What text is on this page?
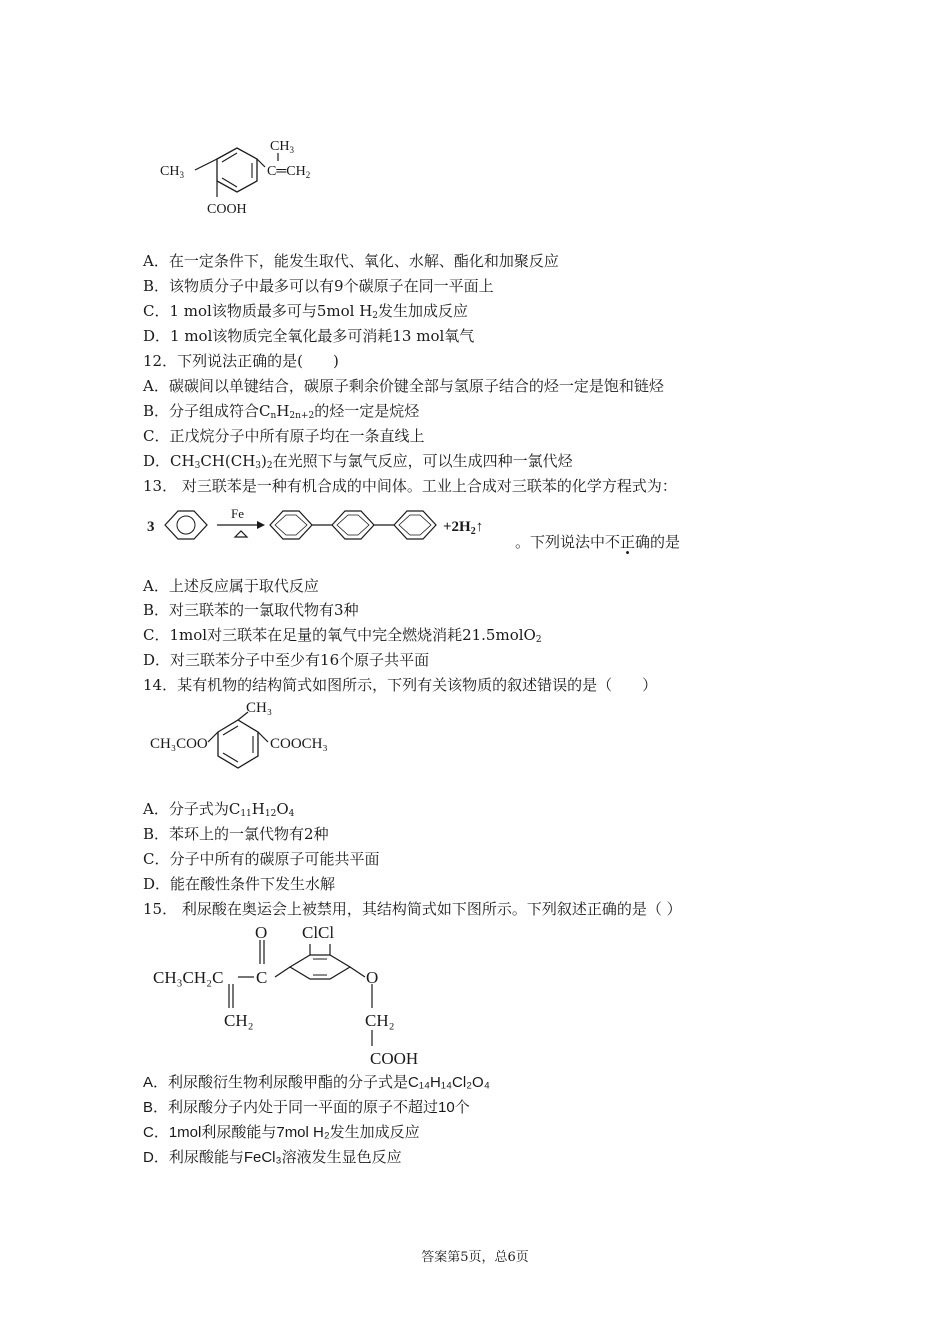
$CH_3$
$CH_3$
$C═CH_2$
COOH
A．在一定条件下，能发生取代、氧化、水解、酯化和加聚反应
B．该物质分子中最多可以有9个碳原子在同一平面上
C．1 mol该物质最多可与5mol $H_2$发生加成反应
D．1 mol该物质完全氧化最多可消耗13 mol氧气
12．下列说法正确的是(　　)
A．碳碳间以单键结合，碳原子剩余价键全部与氢原子结合的烃一定是饱和链烃
B．分子组成符合$C_nH_{2n+2}$的烃一定是烷烃
C．正戊烷分子中所有原子均在一条直线上
D．$CH_3CH(CH_3)_2$在光照下与氯气反应，可以生成四种一氯代烃
13． 对三联苯是一种有机合成的中间体。工业上合成对三联苯的化学方程式为：
3
Fe
$+2H_2↑$
。下列说法中不正确的是
A．上述反应属于取代反应
B．对三联苯的一氯取代物有3种
C．1mol对三联苯在足量的氧气中完全燃烧消耗21.5molO$_2$
D．对三联苯分子中至少有16个原子共平面
14．某有机物的结构简式如图所示，下列有关该物质的叙述错误的是（　　）
CH₃
CH₃COO	COOCH₃
A．分子式为$C_{11}H_{12}O_4$
B．苯环上的一氯代物有2种
C．分子中所有的碳原子可能共平面
D．能在酸性条件下发生水解
15． 利尿酸在奥运会上被禁用，其结构简式如下图所示。下列叙述正确的是（ ）
O ClCl
CH₃CH₂C C
CH₂
O
CH₂
COOH
A．利尿酸衍生物利尿酸甲酯的分子式是C₁₄H₁₄Cl₂O₄
B．利尿酸分子内处于同一平面的原子不超过10个
C．1mol利尿酸能与7mol H₂发生加成反应
D．利尿酸能与FeCl₃溶液发生显色反应
答案第5页，总6页
